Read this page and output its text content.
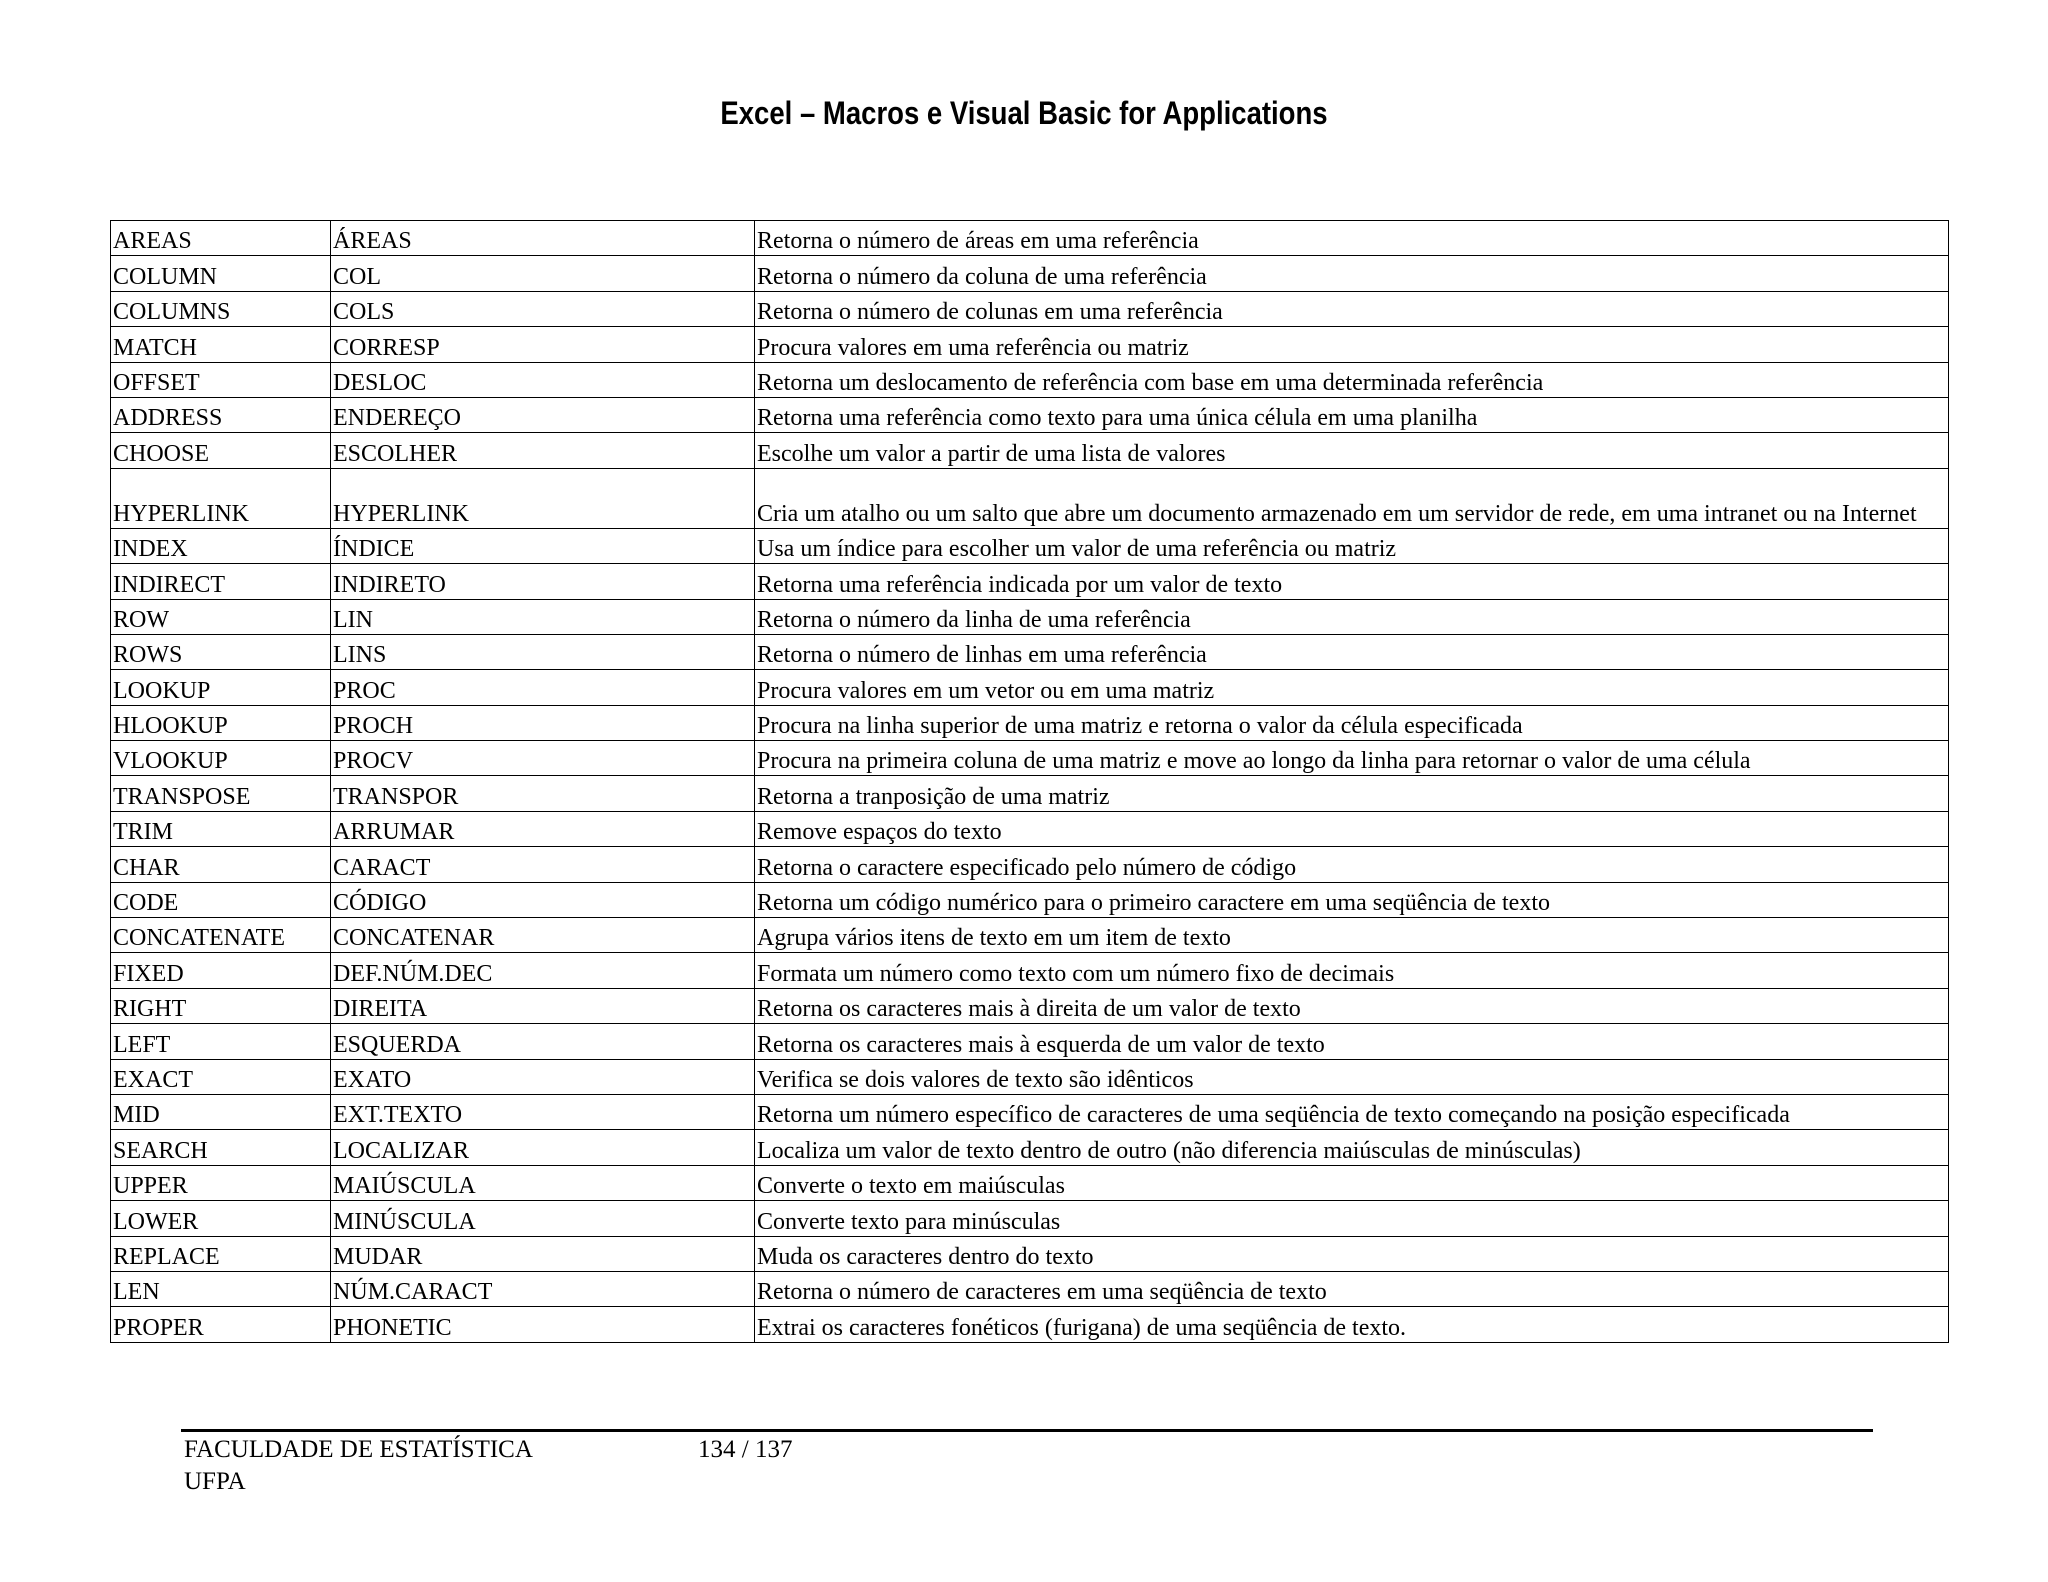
Excel – Macros e Visual Basic for Applications
AREAS	ÁREAS	Retorna o número de áreas em uma referência
COLUMN	COL	Retorna o número da coluna de uma referência
COLUMNS	COLS	Retorna o número de colunas em uma referência
MATCH	CORRESP	Procura valores em uma referência ou matriz
OFFSET	DESLOC	Retorna um deslocamento de referência com base em uma determinada referência
ADDRESS	ENDEREÇO	Retorna uma referência como texto para uma única célula em uma planilha
CHOOSE	ESCOLHER	Escolhe um valor a partir de uma lista de valores
HYPERLINK	HYPERLINK	Cria um atalho ou um salto que abre um documento armazenado em um servidor de rede, em uma intranet ou na Internet
INDEX	ÍNDICE	Usa um índice para escolher um valor de uma referência ou matriz
INDIRECT	INDIRETO	Retorna uma referência indicada por um valor de texto
ROW	LIN	Retorna o número da linha de uma referência
ROWS	LINS	Retorna o número de linhas em uma referência
LOOKUP	PROC	Procura valores em um vetor ou em uma matriz
HLOOKUP	PROCH	Procura na linha superior de uma matriz e retorna o valor da célula especificada
VLOOKUP	PROCV	Procura na primeira coluna de uma matriz e move ao longo da linha para retornar o valor de uma célula
TRANSPOSE	TRANSPOR	Retorna a tranposição de uma matriz
TRIM	ARRUMAR	Remove espaços do texto
CHAR	CARACT	Retorna o caractere especificado pelo número de código
CODE	CÓDIGO	Retorna um código numérico para o primeiro caractere em uma seqüência de texto
CONCATENATE	CONCATENAR	Agrupa vários itens de texto em um item de texto
FIXED	DEF.NÚM.DEC	Formata um número como texto com um número fixo de decimais
RIGHT	DIREITA	Retorna os caracteres mais à direita de um valor de texto
LEFT	ESQUERDA	Retorna os caracteres mais à esquerda de um valor de texto
EXACT	EXATO	Verifica se dois valores de texto são idênticos
MID	EXT.TEXTO	Retorna um número específico de caracteres de uma seqüência de texto começando na posição especificada
SEARCH	LOCALIZAR	Localiza um valor de texto dentro de outro (não diferencia maiúsculas de minúsculas)
UPPER	MAIÚSCULA	Converte o texto em maiúsculas
LOWER	MINÚSCULA	Converte texto para minúsculas
REPLACE	MUDAR	Muda os caracteres dentro do texto
LEN	NÚM.CARACT	Retorna o número de caracteres em uma seqüência de texto
PROPER	PHONETIC	Extrai os caracteres fonéticos (furigana) de uma seqüência de texto.
FACULDADE DE ESTATÍSTICA
UFPA
134 / 137
